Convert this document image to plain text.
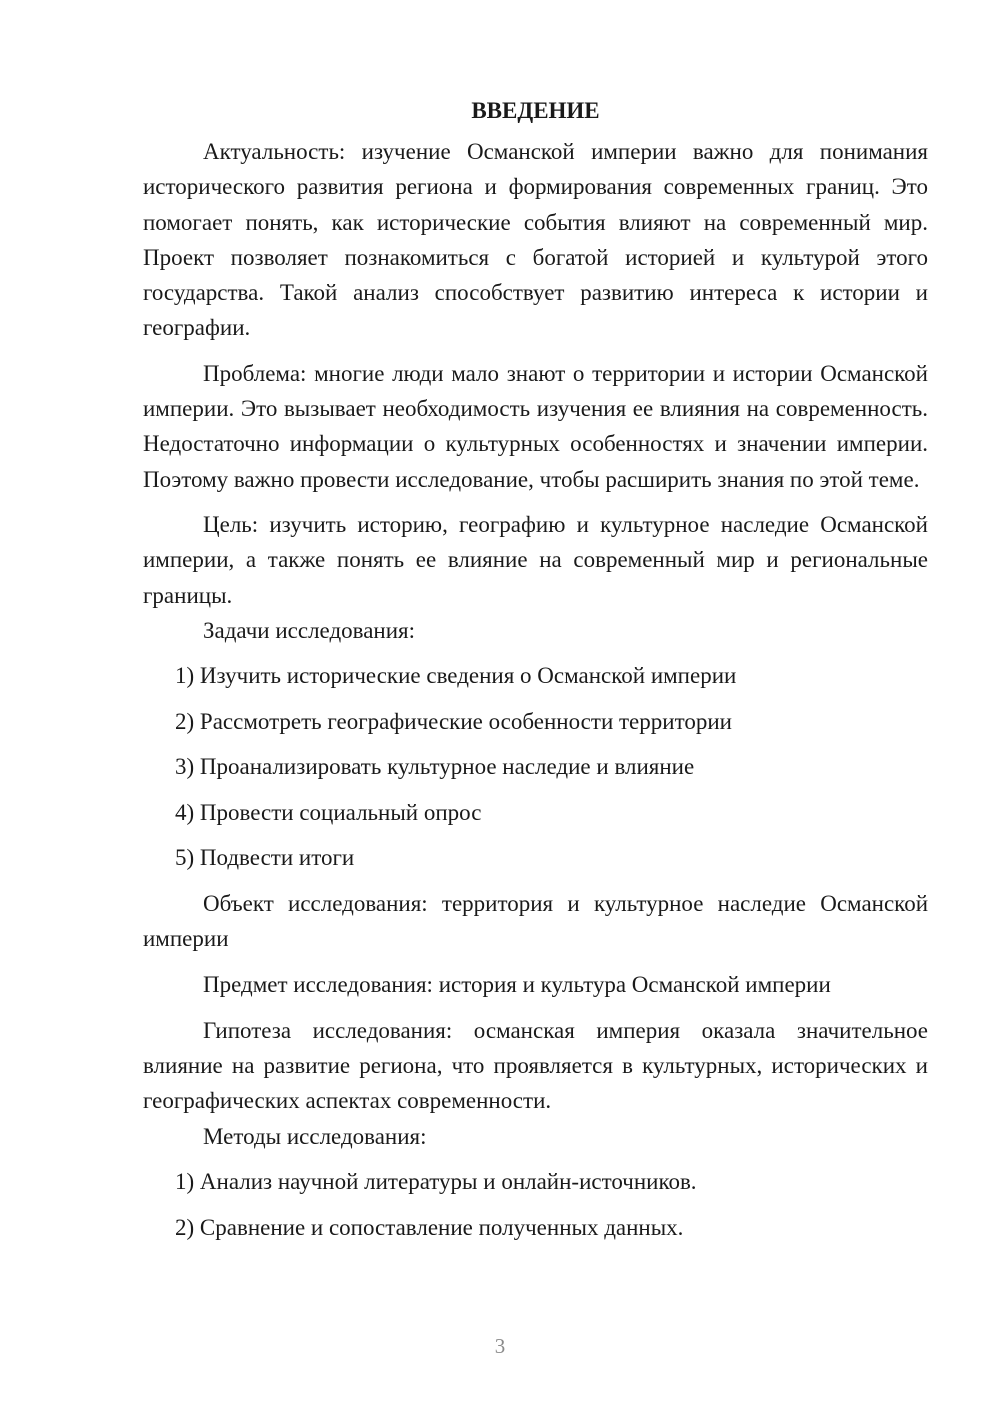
ВВЕДЕНИЕ

Актуальность: изучение Османской империи важно для понимания исторического развития региона и формирования современных границ. Это помогает понять, как исторические события влияют на современный мир. Проект позволяет познакомиться с богатой историей и культурой этого государства. Такой анализ способствует развитию интереса к истории и географии.

Проблема: многие люди мало знают о территории и истории Османской империи. Это вызывает необходимость изучения ее влияния на современность. Недостаточно информации о культурных особенностях и значении империи. Поэтому важно провести исследование, чтобы расширить знания по этой теме.

Цель: изучить историю, географию и культурное наследие Османской империи, а также понять ее влияние на современный мир и региональные границы.

Задачи исследования:

1) Изучить исторические сведения о Османской империи

2) Рассмотреть географические особенности территории

3) Проанализировать культурное наследие и влияние

4) Провести социальный опрос

5) Подвести итоги

Объект исследования: территория и культурное наследие Османской империи

Предмет исследования: история и культура Османской империи

Гипотеза исследования: османская империя оказала значительное влияние на развитие региона, что проявляется в культурных, исторических и географических аспектах современности.

Методы исследования:

1) Анализ научной литературы и онлайн-источников.

2) Сравнение и сопоставление полученных данных.

3
